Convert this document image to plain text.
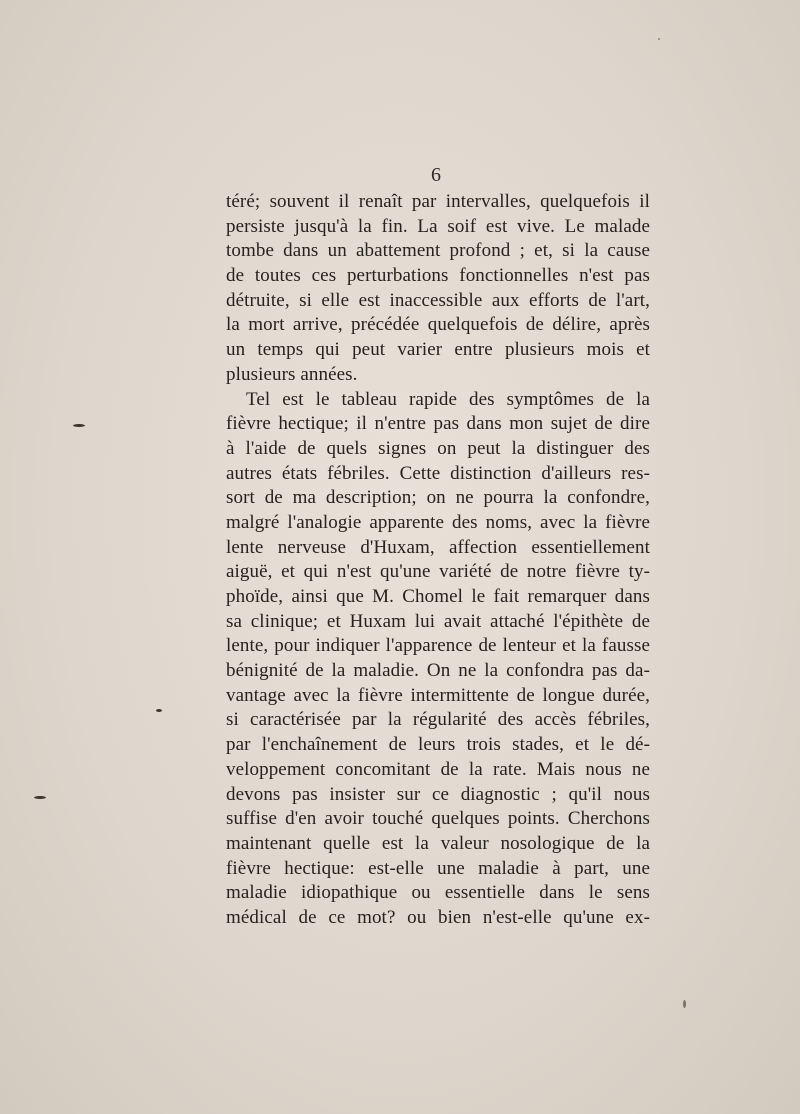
6
téré; souvent il renaît par intervalles, quelquefois il
persiste jusqu'à la fin. La soif est vive. Le malade
tombe dans un abattement profond ; et, si la cause
de toutes ces perturbations fonctionnelles n'est pas
détruite, si elle est inaccessible aux efforts de l'art,
la mort arrive, précédée quelquefois de délire, après
un temps qui peut varier entre plusieurs mois et
plusieurs années.
Tel est le tableau rapide des symptômes de la
fièvre hectique; il n'entre pas dans mon sujet de dire
à l'aide de quels signes on peut la distinguer des
autres états fébriles. Cette distinction d'ailleurs res-
sort de ma description; on ne pourra la confondre,
malgré l'analogie apparente des noms, avec la fièvre
lente nerveuse d'Huxam, affection essentiellement
aiguë, et qui n'est qu'une variété de notre fièvre ty-
phoïde, ainsi que M. Chomel le fait remarquer dans
sa clinique; et Huxam lui avait attaché l'épithète de
lente, pour indiquer l'apparence de lenteur et la fausse
bénignité de la maladie. On ne la confondra pas da-
vantage avec la fièvre intermittente de longue durée,
si caractérisée par la régularité des accès fébriles,
par l'enchaînement de leurs trois stades, et le dé-
veloppement concomitant de la rate. Mais nous ne
devons pas insister sur ce diagnostic ; qu'il nous
suffise d'en avoir touché quelques points. Cherchons
maintenant quelle est la valeur nosologique de la
fièvre hectique: est-elle une maladie à part, une
maladie idiopathique ou essentielle dans le sens
médical de ce mot? ou bien n'est-elle qu'une ex-
